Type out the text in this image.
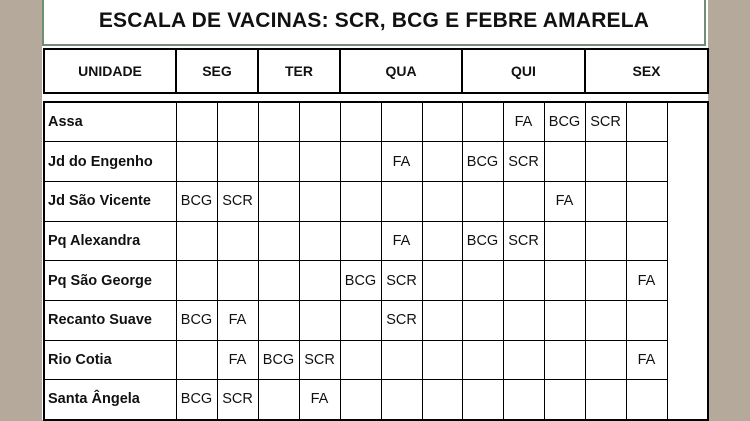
ESCALA DE VACINAS: SCR, BCG E FEBRE AMARELA
UNIDADE	SEG	TER	QUA	QUI	SEX
Assa									FA	BCG	SCR	
Jd do Engenho						FA		BCG	SCR			
Jd São Vicente	BCG	SCR								FA		
Pq Alexandra						FA		BCG	SCR			
Pq São George					BCG	SCR						FA
Recanto Suave	BCG	FA				SCR						
Rio Cotia		FA	BCG	SCR								FA
Santa Ângela	BCG	SCR		FA								
